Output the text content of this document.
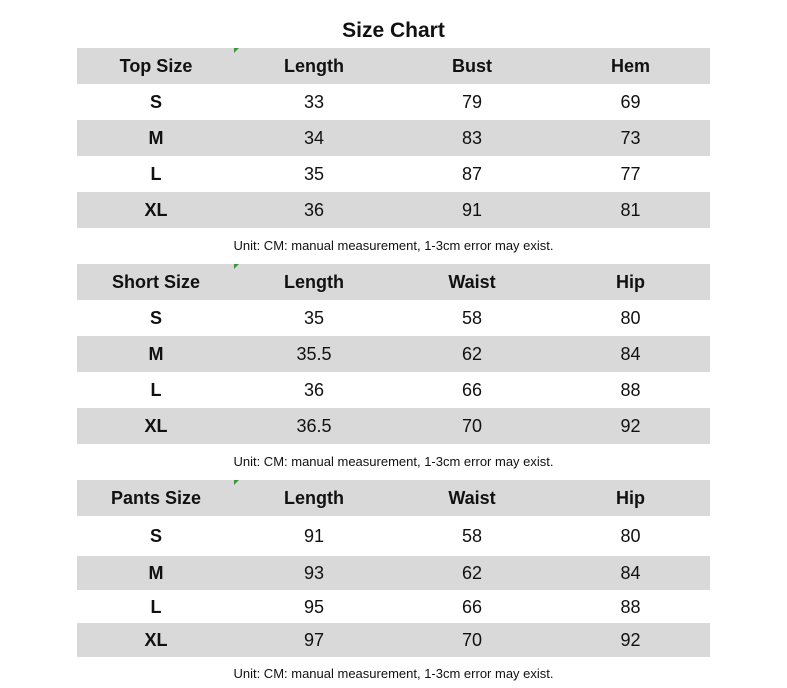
Size Chart
Top Size	Length	Bust	Hem
S	33	79	69
M	34	83	73
L	35	87	77
XL	36	91	81
Unit: CM: manual measurement, 1-3cm error may exist.
Short Size	Length	Waist	Hip
S	35	58	80
M	35.5	62	84
L	36	66	88
XL	36.5	70	92
Unit: CM: manual measurement, 1-3cm error may exist.
Pants Size	Length	Waist	Hip
S	91	58	80
M	93	62	84
L	95	66	88
XL	97	70	92
Unit: CM: manual measurement, 1-3cm error may exist.
